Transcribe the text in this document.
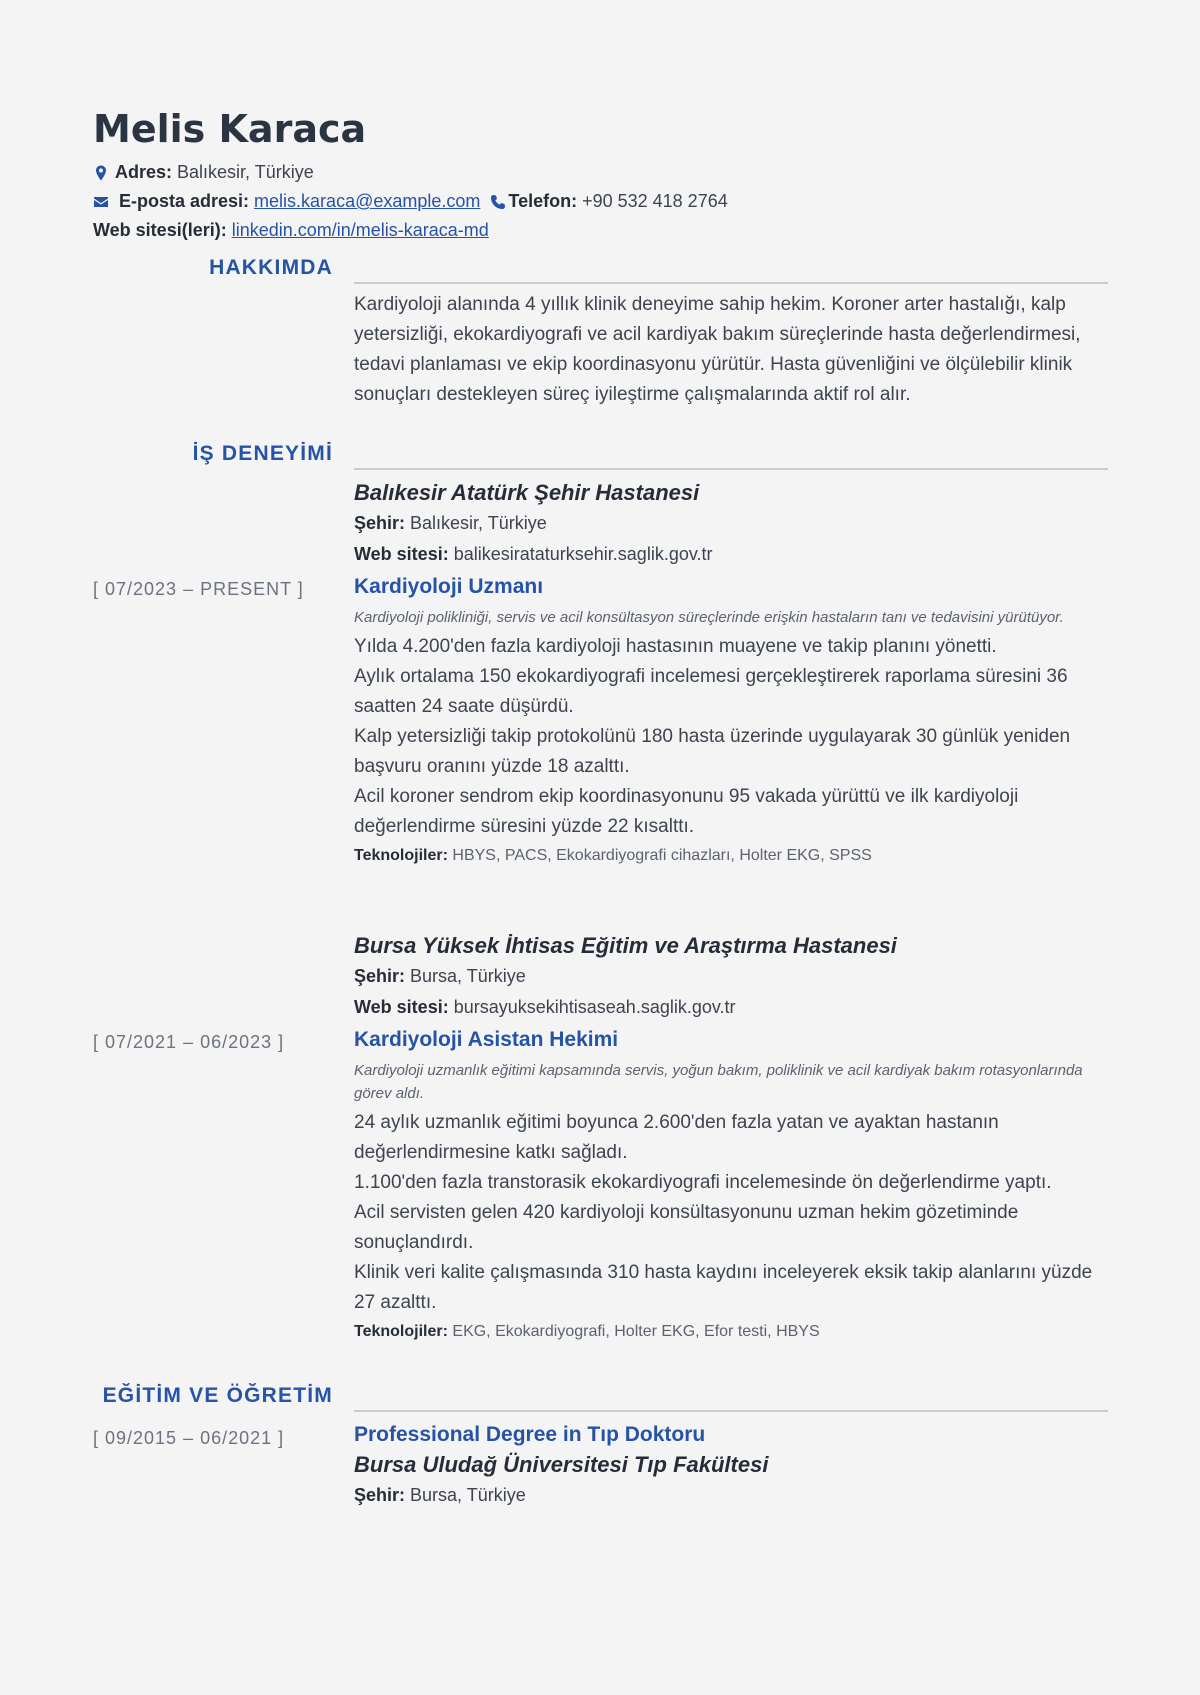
Melis Karaca
Adres: Balıkesir, Türkiye
E-posta adresi: melis.karaca@example.com Telefon: +90 532 418 2764
Web sitesi(leri): linkedin.com/in/melis-karaca-md
HAKKIMDA

Kardiyoloji alanında 4 yıllık klinik deneyime sahip hekim. Koroner arter hastalığı, kalp yetersizliği, ekokardiyografi ve acil kardiyak bakım süreçlerinde hasta değerlendirmesi, tedavi planlaması ve ekip koordinasyonu yürütür. Hasta güvenliğini ve ölçülebilir klinik sonuçları destekleyen süreç iyileştirme çalışmalarında aktif rol alır.

İŞ DENEYİMİ
Balıkesir Atatürk Şehir Hastanesi
Şehir: Balıkesir, Türkiye
Web sitesi: balikesirataturksehir.saglik.gov.tr
Kardiyoloji Uzmanı
Kardiyoloji polikliniği, servis ve acil konsültasyon süreçlerinde erişkin hastaların tanı ve tedavisini yürütüyor.
Yılda 4.200'den fazla kardiyoloji hastasının muayene ve takip planını yönetti.
Aylık ortalama 150 ekokardiyografi incelemesi gerçekleştirerek raporlama süresini 36 saatten 24 saate düşürdü.
Kalp yetersizliği takip protokolünü 180 hasta üzerinde uygulayarak 30 günlük yeniden başvuru oranını yüzde 18 azalttı.
Acil koroner sendrom ekip koordinasyonunu 95 vakada yürüttü ve ilk kardiyoloji değerlendirme süresini yüzde 22 kısalttı.
Teknolojiler: HBYS, PACS, Ekokardiyografi cihazları, Holter EKG, SPSS
[ 07/2023 – PRESENT ]
Bursa Yüksek İhtisas Eğitim ve Araştırma Hastanesi
Şehir: Bursa, Türkiye
Web sitesi: bursayuksekihtisaseah.saglik.gov.tr
Kardiyoloji Asistan Hekimi
Kardiyoloji uzmanlık eğitimi kapsamında servis, yoğun bakım, poliklinik ve acil kardiyak bakım rotasyonlarında görev aldı.
24 aylık uzmanlık eğitimi boyunca 2.600'den fazla yatan ve ayaktan hastanın değerlendirmesine katkı sağladı.
1.100'den fazla transtorasik ekokardiyografi incelemesinde ön değerlendirme yaptı.
Acil servisten gelen 420 kardiyoloji konsültasyonunu uzman hekim gözetiminde sonuçlandırdı.
Klinik veri kalite çalışmasında 310 hasta kaydını inceleyerek eksik takip alanlarını yüzde 27 azalttı.
Teknolojiler: EKG, Ekokardiyografi, Holter EKG, Efor testi, HBYS
[ 07/2021 – 06/2023 ]
EĞİTİM VE ÖĞRETİM
[ 09/2015 – 06/2021 ]	Professional Degree in Tıp Doktoru
Bursa Uludağ Üniversitesi Tıp Fakültesi
Şehir: Bursa, Türkiye
